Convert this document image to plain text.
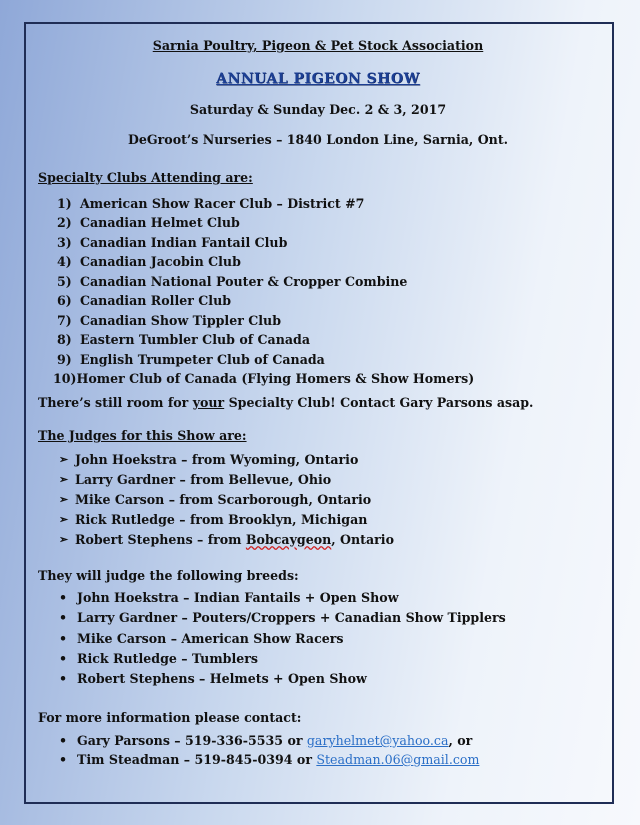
Sarnia Poultry, Pigeon & Pet Stock Association
ANNUAL PIGEON SHOW
Saturday & Sunday Dec. 2 & 3, 2017
DeGroot’s Nurseries – 1840 London Line, Sarnia, Ont.
Specialty Clubs Attending are:
1) American Show Racer Club – District #7
2) Canadian Helmet Club
3) Canadian Indian Fantail Club
4) Canadian Jacobin Club
5) Canadian National Pouter & Cropper Combine
6) Canadian Roller Club
7) Canadian Show Tippler Club
8) Eastern Tumbler Club of Canada
9) English Trumpeter Club of Canada
10) Homer Club of Canada (Flying Homers & Show Homers)
There’s still room for your Specialty Club! Contact Gary Parsons asap.
The Judges for this Show are:
➢ John Hoekstra – from Wyoming, Ontario
➢ Larry Gardner – from Bellevue, Ohio
➢ Mike Carson – from Scarborough, Ontario
➢ Rick Rutledge – from Brooklyn, Michigan
➢ Robert Stephens – from Bobcaygeon, Ontario
They will judge the following breeds:
• John Hoekstra – Indian Fantails + Open Show
• Larry Gardner – Pouters/Croppers + Canadian Show Tipplers
• Mike Carson – American Show Racers
• Rick Rutledge – Tumblers
• Robert Stephens – Helmets + Open Show
For more information please contact:
• Gary Parsons – 519-336-5535 or garyhelmet@yahoo.ca, or
• Tim Steadman – 519-845-0394 or Steadman.06@gmail.com
